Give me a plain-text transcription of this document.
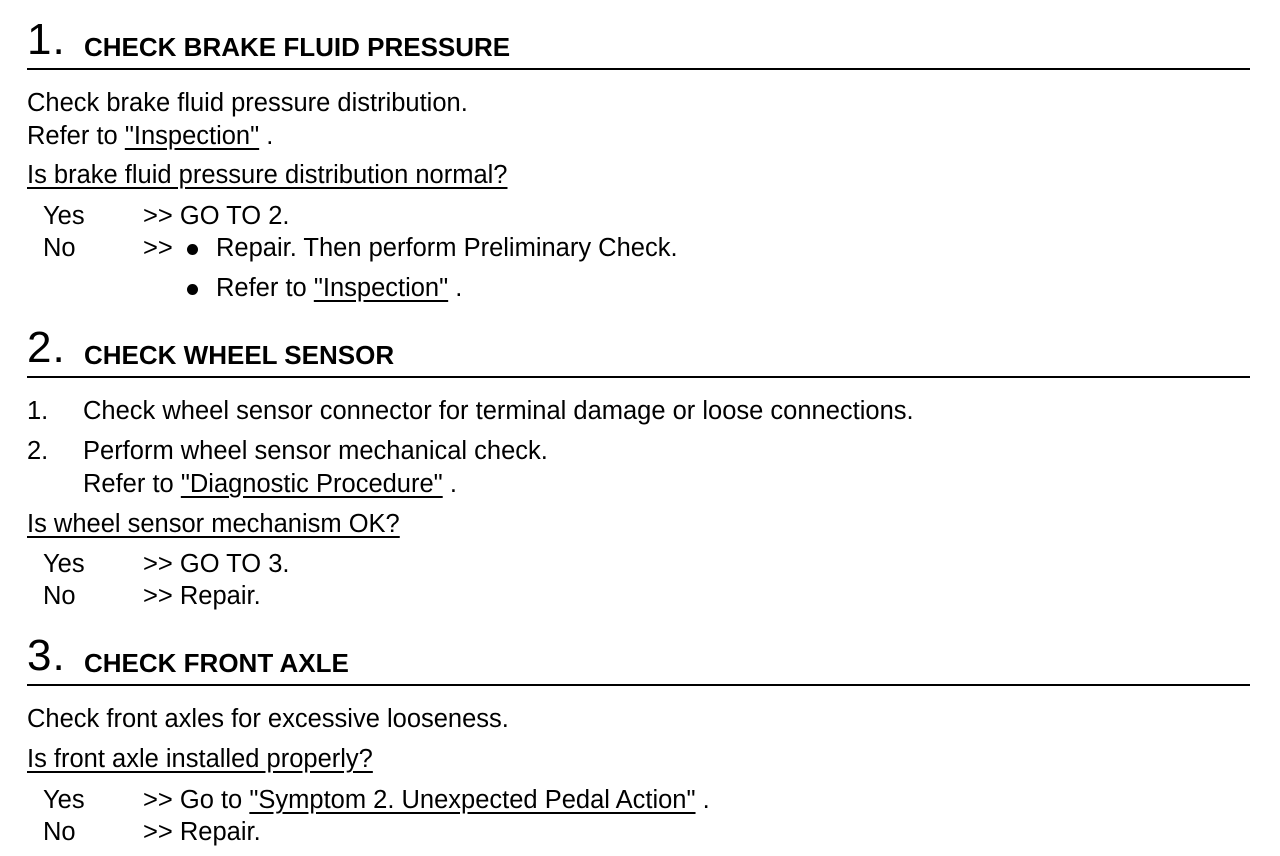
1. CHECK BRAKE FLUID PRESSURE
Check brake fluid pressure distribution.
Refer to "Inspection" .
Is brake fluid pressure distribution normal?
Yes >> GO TO 2.
No	>> Repair. Then perform Preliminary Check.
Refer to "Inspection" .
2. CHECK WHEEL SENSOR
1. Check wheel sensor connector for terminal damage or loose connections.
2. Perform wheel sensor mechanical check.
Refer to "Diagnostic Procedure" .
Is wheel sensor mechanism OK?
Yes >> GO TO 3.
No	>> Repair.
3. CHECK FRONT AXLE
Check front axles for excessive looseness.
Is front axle installed properly?
Yes >> Go to "Symptom 2. Unexpected Pedal Action" .
No	>> Repair.
